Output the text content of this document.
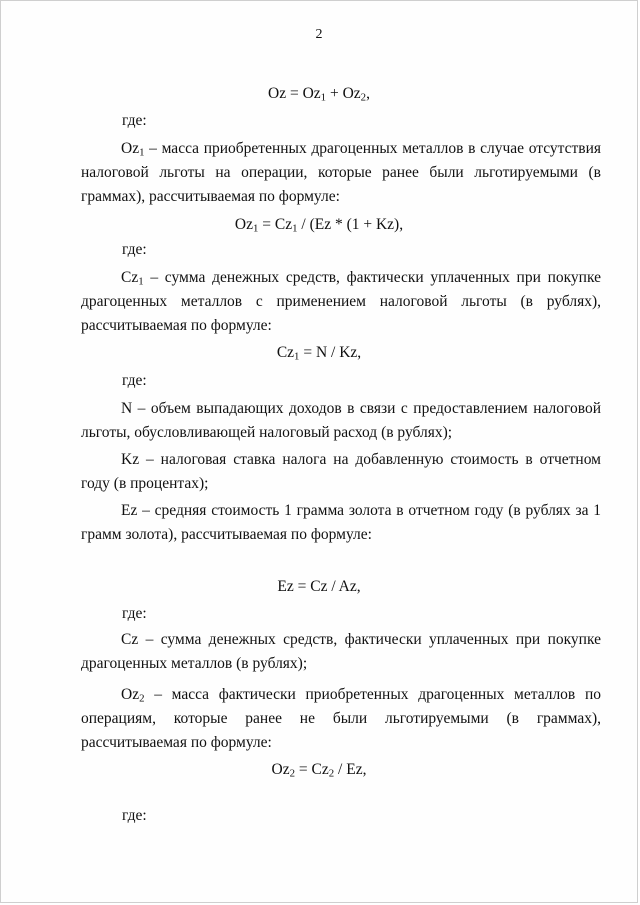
2
$Oz = Oz_1 + Oz_2$,
где:
$Oz_1$ – масса приобретенных драгоценных металлов в случае отсутствия налоговой льготы на операции, которые ранее были льготируемыми (в граммах), рассчитываемая по формуле:
$Oz_1 = Cz_1 / (Ez * (1 + Kz)$,
где:
$Cz_1$ – сумма денежных средств, фактически уплаченных при покупке драгоценных металлов с применением налоговой льготы (в рублях), рассчитываемая по формуле:
$Cz_1 = N / Kz$,
где:
N – объем выпадающих доходов в связи с предоставлением налоговой льготы, обусловливающей налоговый расход (в рублях);
Kz – налоговая ставка налога на добавленную стоимость в отчетном году (в процентах);
Ez – средняя стоимость 1 грамма золота в отчетном году (в рублях за 1 грамм золота), рассчитываемая по формуле:
Ez = Cz / Az,
где:
Cz – сумма денежных средств, фактически уплаченных при покупке драгоценных металлов (в рублях);
$Oz_2$ – масса фактически приобретенных драгоценных металлов по операциям, которые ранее не были льготируемыми (в граммах), рассчитываемая по формуле:
$Oz_2 = Cz_2 / Ez$,
где:
